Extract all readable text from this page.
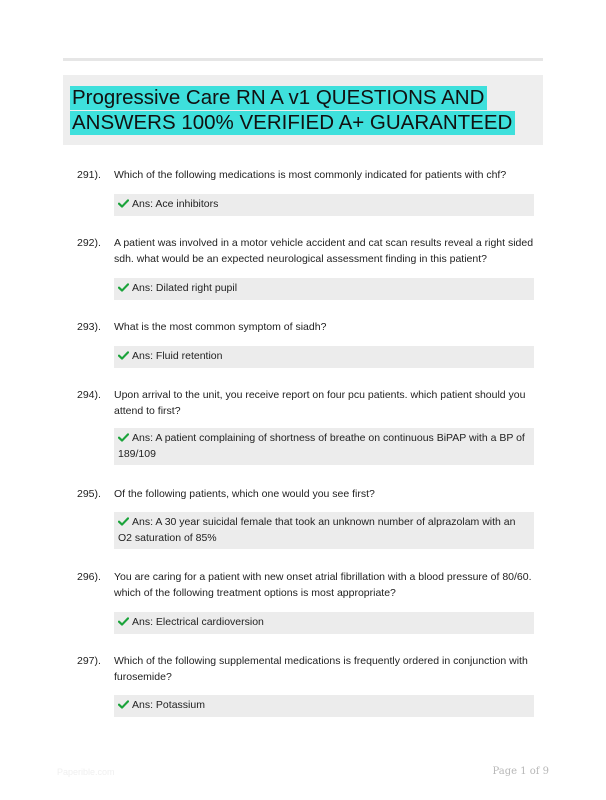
Progressive Care RN A v1 QUESTIONS AND ANSWERS 100% VERIFIED A+ GUARANTEED
291). Which of the following medications is most commonly indicated for patients with chf?
Ans: Ace inhibitors
292). A patient was involved in a motor vehicle accident and cat scan results reveal a right sided sdh. what would be an expected neurological assessment finding in this patient?
Ans: Dilated right pupil
293). What is the most common symptom of siadh?
Ans: Fluid retention
294). Upon arrival to the unit, you receive report on four pcu patients. which patient should you attend to first?
Ans: A patient complaining of shortness of breathe on continuous BiPAP with a BP of 189/109
295). Of the following patients, which one would you see first?
Ans: A 30 year suicidal female that took an unknown number of alprazolam with an O2 saturation of 85%
296). You are caring for a patient with new onset atrial fibrillation with a blood pressure of 80/60. which of the following treatment options is most appropriate?
Ans: Electrical cardioversion
297). Which of the following supplemental medications is frequently ordered in conjunction with furosemide?
Ans: Potassium
Paperible.com	Page 1 of 9
